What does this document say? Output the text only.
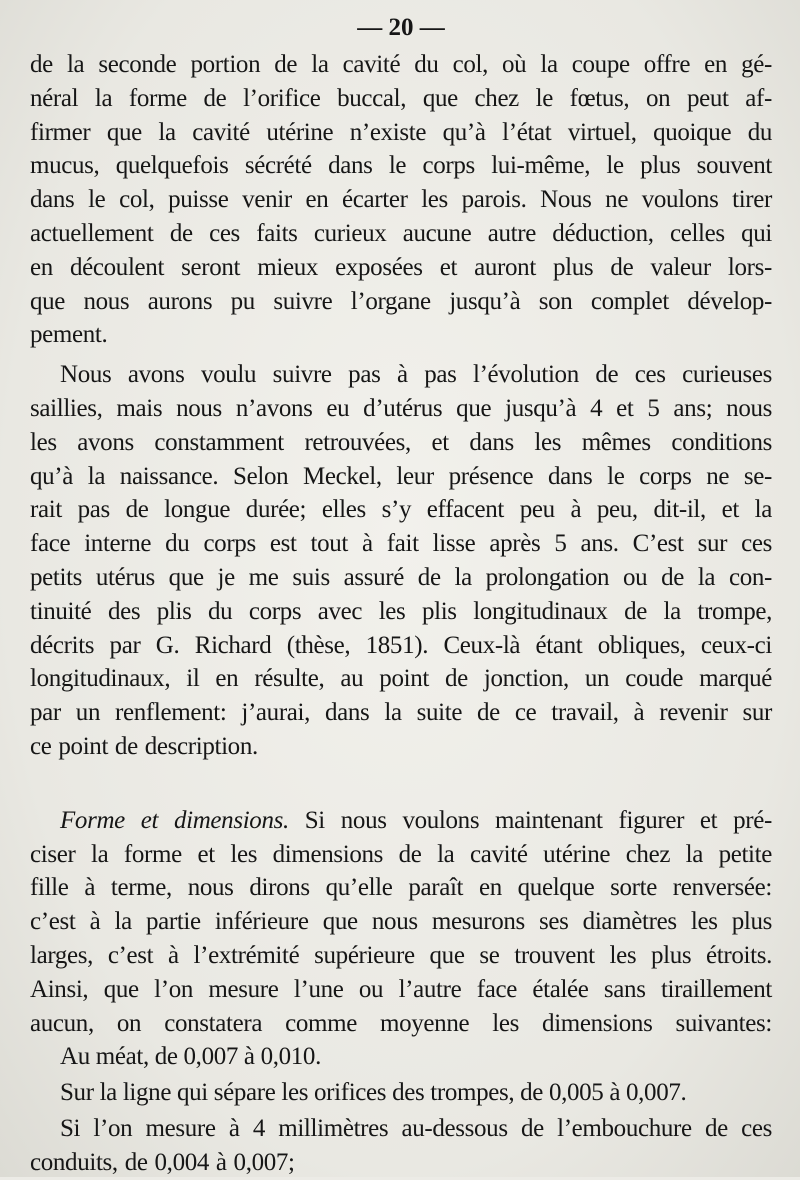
— 20 —
de la seconde portion de la cavité du col, où la coupe offre en gé-
néral la forme de l’orifice buccal, que chez le fœtus, on peut af-
firmer que la cavité utérine n’existe qu’à l’état virtuel, quoique du
mucus, quelquefois sécrété dans le corps lui-même, le plus souvent
dans le col, puisse venir en écarter les parois. Nous ne voulons tirer
actuellement de ces faits curieux aucune autre déduction, celles qui
en découlent seront mieux exposées et auront plus de valeur lors-
que nous aurons pu suivre l’organe jusqu’à son complet dévelop-
pement.
Nous avons voulu suivre pas à pas l’évolution de ces curieuses
saillies, mais nous n’avons eu d’utérus que jusqu’à 4 et 5 ans; nous
les avons constamment retrouvées, et dans les mêmes conditions
qu’à la naissance. Selon Meckel, leur présence dans le corps ne se-
rait pas de longue durée; elles s’y effacent peu à peu, dit-il, et la
face interne du corps est tout à fait lisse après 5 ans. C’est sur ces
petits utérus que je me suis assuré de la prolongation ou de la con-
tinuité des plis du corps avec les plis longitudinaux de la trompe,
décrits par G. Richard (thèse, 1851). Ceux-là étant obliques, ceux-ci
longitudinaux, il en résulte, au point de jonction, un coude marqué
par un renflement: j’aurai, dans la suite de ce travail, à revenir sur
ce point de description.
Forme et dimensions. Si nous voulons maintenant figurer et pré-
ciser la forme et les dimensions de la cavité utérine chez la petite
fille à terme, nous dirons qu’elle paraît en quelque sorte renversée:
c’est à la partie inférieure que nous mesurons ses diamètres les plus
larges, c’est à l’extrémité supérieure que se trouvent les plus étroits.
Ainsi, que l’on mesure l’une ou l’autre face étalée sans tiraillement
aucun, on constatera comme moyenne les dimensions suivantes:
Au méat, de 0,007 à 0,010.
Sur la ligne qui sépare les orifices des trompes, de 0,005 à 0,007.
Si l’on mesure à 4 millimètres au-dessous de l’embouchure de ces
conduits, de 0,004 à 0,007;
